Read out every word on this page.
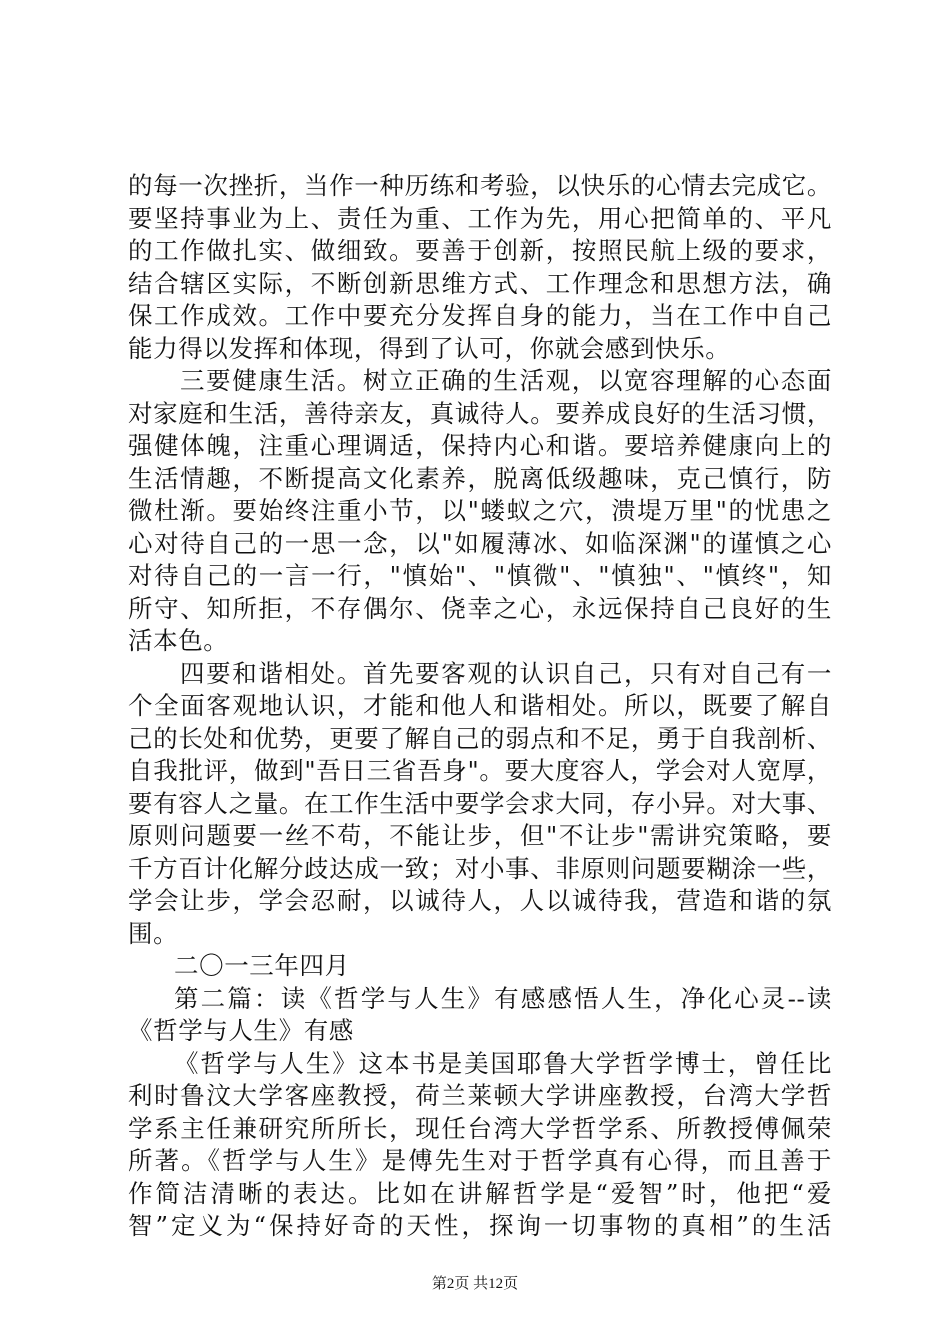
的每一次挫折，当作一种历练和考验，以快乐的心情去完成它。
要坚持事业为上、责任为重、工作为先，用心把简单的、平凡
的工作做扎实、做细致。要善于创新，按照民航上级的要求，
结合辖区实际，不断创新思维方式、工作理念和思想方法，确
保工作成效。工作中要充分发挥自身的能力，当在工作中自己
能力得以发挥和体现，得到了认可，你就会感到快乐。
三要健康生活。树立正确的生活观，以宽容理解的心态面
对家庭和生活，善待亲友，真诚待人。要养成良好的生活习惯，
强健体魄，注重心理调适，保持内心和谐。要培养健康向上的
生活情趣，不断提高文化素养，脱离低级趣味，克己慎行，防
微杜渐。要始终注重小节，以"蝼蚁之穴，溃堤万里"的忧患之
心对待自己的一思一念，以"如履薄冰、如临深渊"的谨慎之心
对待自己的一言一行，"慎始"、"慎微"、"慎独"、"慎终"，知
所守、知所拒，不存偶尔、侥幸之心，永远保持自己良好的生
活本色。
四要和谐相处。首先要客观的认识自己，只有对自己有一
个全面客观地认识，才能和他人和谐相处。所以，既要了解自
己的长处和优势，更要了解自己的弱点和不足，勇于自我剖析、
自我批评，做到"吾日三省吾身"。要大度容人，学会对人宽厚，
要有容人之量。在工作生活中要学会求大同，存小异。对大事、
原则问题要一丝不苟，不能让步，但"不让步"需讲究策略，要
千方百计化解分歧达成一致；对小事、非原则问题要糊涂一些，
学会让步，学会忍耐，以诚待人，人以诚待我，营造和谐的氛
围。
二〇一三年四月
第二篇：读《哲学与人生》有感感悟人生，净化心灵--读
《哲学与人生》有感
《哲学与人生》这本书是美国耶鲁大学哲学博士，曾任比
利时鲁汶大学客座教授，荷兰莱顿大学讲座教授，台湾大学哲
学系主任兼研究所所长，现任台湾大学哲学系、所教授傅佩荣
所著。《哲学与人生》是傅先生对于哲学真有心得，而且善于
作简洁清晰的表达。比如在讲解哲学是“爱智”时，他把“爱
智”定义为“保持好奇的天性，探询一切事物的真相”的生活
第2页 共12页
